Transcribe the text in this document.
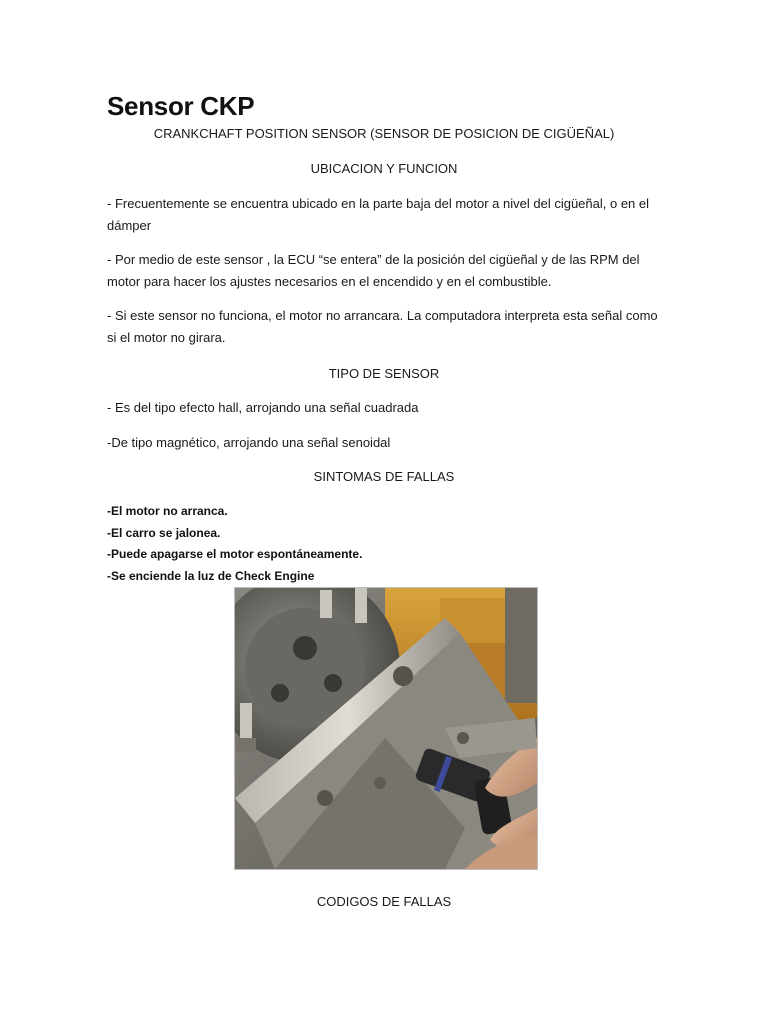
Sensor CKP

CRANKCHAFT POSITION SENSOR (SENSOR DE POSICION DE CIGÜEÑAL)

UBICACION Y FUNCION

- Frecuentemente se encuentra ubicado en la parte baja del motor a nivel del cigüeñal, o en el dámper

- Por medio de este sensor , la ECU “se entera” de la posición del cigüeñal y de las RPM del motor para hacer los ajustes necesarios en el encendido y en el combustible.

- Si este sensor no funciona, el motor no arrancara. La computadora interpreta esta señal como si el motor no girara.

TIPO DE SENSOR

- Es del tipo efecto hall, arrojando una señal cuadrada

-De tipo magnético, arrojando una señal senoidal

SINTOMAS DE FALLAS

-El motor no arranca.
-El carro se jalonea.
-Puede apagarse el motor espontáneamente.
-Se enciende la luz de Check Engine

CODIGOS DE FALLAS
